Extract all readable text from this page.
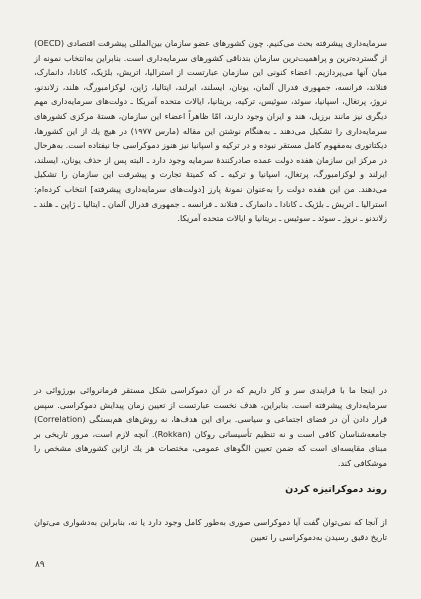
سرمایه‌داری پیشرفته بحث می‌کنیم. چون کشورهای عضو سازمان بین‌المللی پیشرفت اقتصادی (OECD) از گسترده‌ترین و پراهمیت‌ترین سازمان بندناقی کشورهای سرمایه‌داری است. بنابراین به‌انتخاب نمونه از میان آنها می‌پردازیم. اعضاء کنونی این سازمان عبارتست از استرالیا، اتریش، بلژیک، کانادا، دانمارک، فنلاند، فرانسه، جمهوری فدرال آلمان، یونان، ایسلند، ایرلند، ایتالیا، ژاپن، لوکزامبورگ، هلند، زلاندنو، نروژ، پرتغال، اسپانیا، سوئد، سوئیس، ترکیه، بریتانیا، ایالات متحده آمریکا ـ دولت‌های سرمایه‌داری مهم دیگری نیز مانند برزیل، هند و ایران وجود دارند، امّا ظاهراً اعضاء این سازمان، هستهٔ مرکزی کشورهای سرمایه‌داری را تشکیل می‌دهند ـ به‌هنگام نوشتن این مقاله (مارس ۱۹۷۷) در هیچ یك از این کشورها، دیکتاتوری به‌مفهوم کامل مستقر نبوده و در ترکیه و اسپانیا نیز هنوز دموکراسی جا نیفتاده است. به‌هرحال در مرکز این سازمان هفده دولت عمده صادرکنندهٔ سرمایه وجود دارد ـ البته پس از حذف یونان، ایسلند، ایرلند و لوکزامبورگ، پرتغال، اسپانیا و ترکیه ـ که کمیتهٔ تجارت و پیشرفت این سازمان را تشکیل می‌دهند. من این هفده دولت را به‌عنوان نمونهٔ پارز [دولت‌های سرمایه‌داری پیشرفته] انتخاب کرده‌ام: استرالیا ـ اتریش ـ بلژیک ـ کانادا ـ دانمارک ـ فنلاند ـ فرانسه ـ جمهوری فدرال آلمان ـ ایتالیا ـ ژاپن ـ هلند ـ زلاندنو ـ نروژ ـ سوئد ـ سوئیس ـ بریتانیا و ایالات متحده آمریکا.
در اینجا ما با فرایندی سر و کار داریم که در آن دموکراسی شکل مستقر فرمانروائی بورژوائی در سرمایه‌داری پیشرفته است. بنابراین، هدف نخست عبارتست از تعیین زمان پیدایش دموکراسی. سپس قرار دادن آن در فضای اجتماعی و سیاسی. برای این هدف‌ها، نه روش‌های هم‌بستگی (Correlation) جامعه‌شناسان کافی است و نه تنظیم تأسیساتی روکان (Rokkan). آنچه لازم است، مرور تاریخی بر مبنای مقایسه‌ای است که ضمن تعیین الگوهای عمومی، مختصات هر یك ازاین کشورهای مشخص را موشکافی کند.
روند دموکراتیزه کردن
از آنجا که نمی‌توان گفت آیا دموکراسی صوری به‌طور کامل وجود دارد یا نه، بنابراین به‌دشواری می‌توان تاریخ دقیق رسیدن به‌دموکراسی را تعیین
۸۹
